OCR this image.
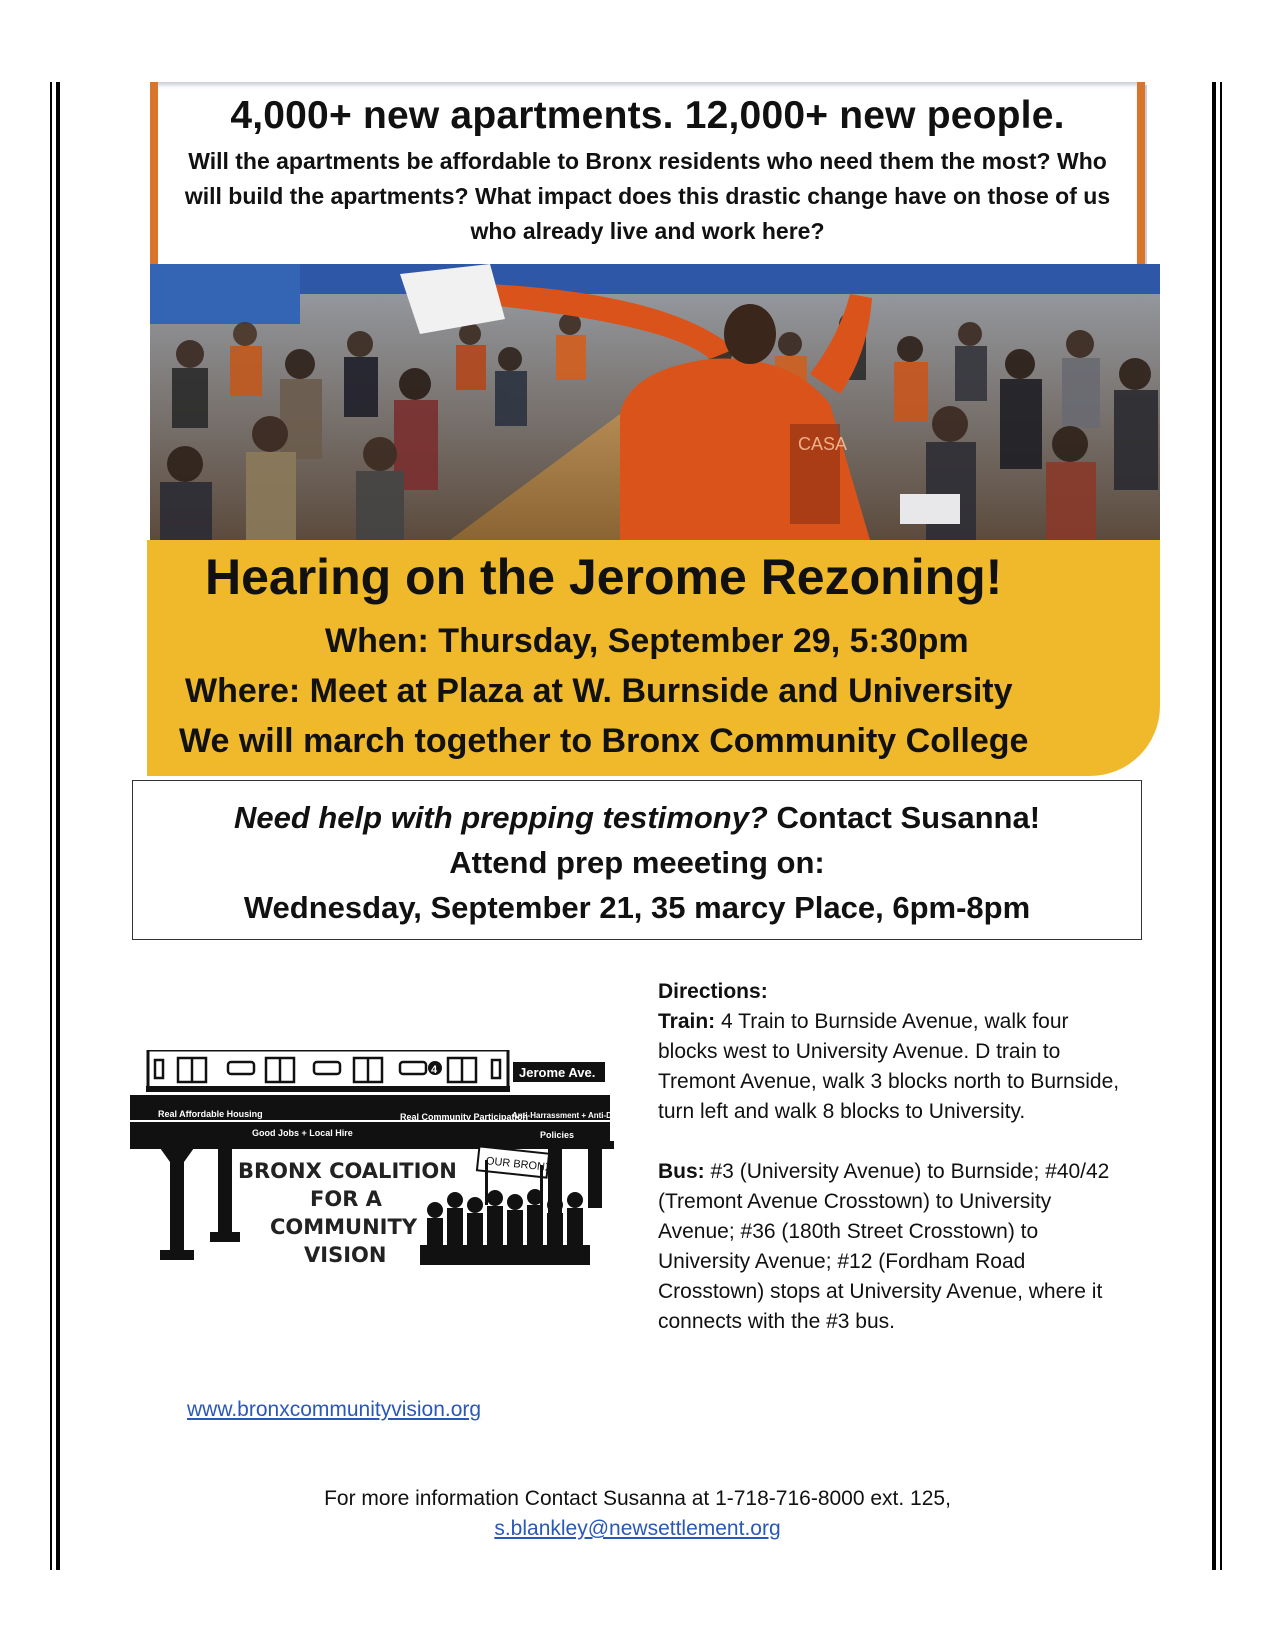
4,000+ new apartments. 12,000+ new people.

Will the apartments be affordable to Bronx residents who need them the most? Who will build the apartments? What impact does this drastic change have on those of us who already live and work here?

CASA
Hearing on the Jerome Rezoning!
When: Thursday, September 29, 5:30pm
Where: Meet at Plaza at W. Burnside and University
We will march together to Bronx Community College
Need help with prepping testimony? Contact Susanna!
Attend prep meeeting on:
Wednesday, September 21, 35 marcy Place, 6pm-8pm
4	Jerome Ave.
Real Affordable Housing	Real Community Participation
Anti-Harrassment + Anti-Displacment
Good Jobs + Local Hire	Policies
BRONX COALITION
FOR A
COMMUNITY
VISION
OUR BRONX

Directions:

Train: 4 Train to Burnside Avenue, walk four blocks west to University Avenue. D train to Tremont Avenue, walk 3 blocks north to Burnside, turn left and walk 8 blocks to University.

Bus: #3 (University Avenue) to Burnside; #40/42 (Tremont Avenue Crosstown) to University Avenue; #36 (180th Street Crosstown) to University Avenue; #12 (Fordham Road Crosstown) stops at University Avenue, where it connects with the #3 bus.

www.bronxcommunityvision.org
For more information Contact Susanna at 1-718-716-8000 ext. 125,
s.blankley@newsettlement.org
